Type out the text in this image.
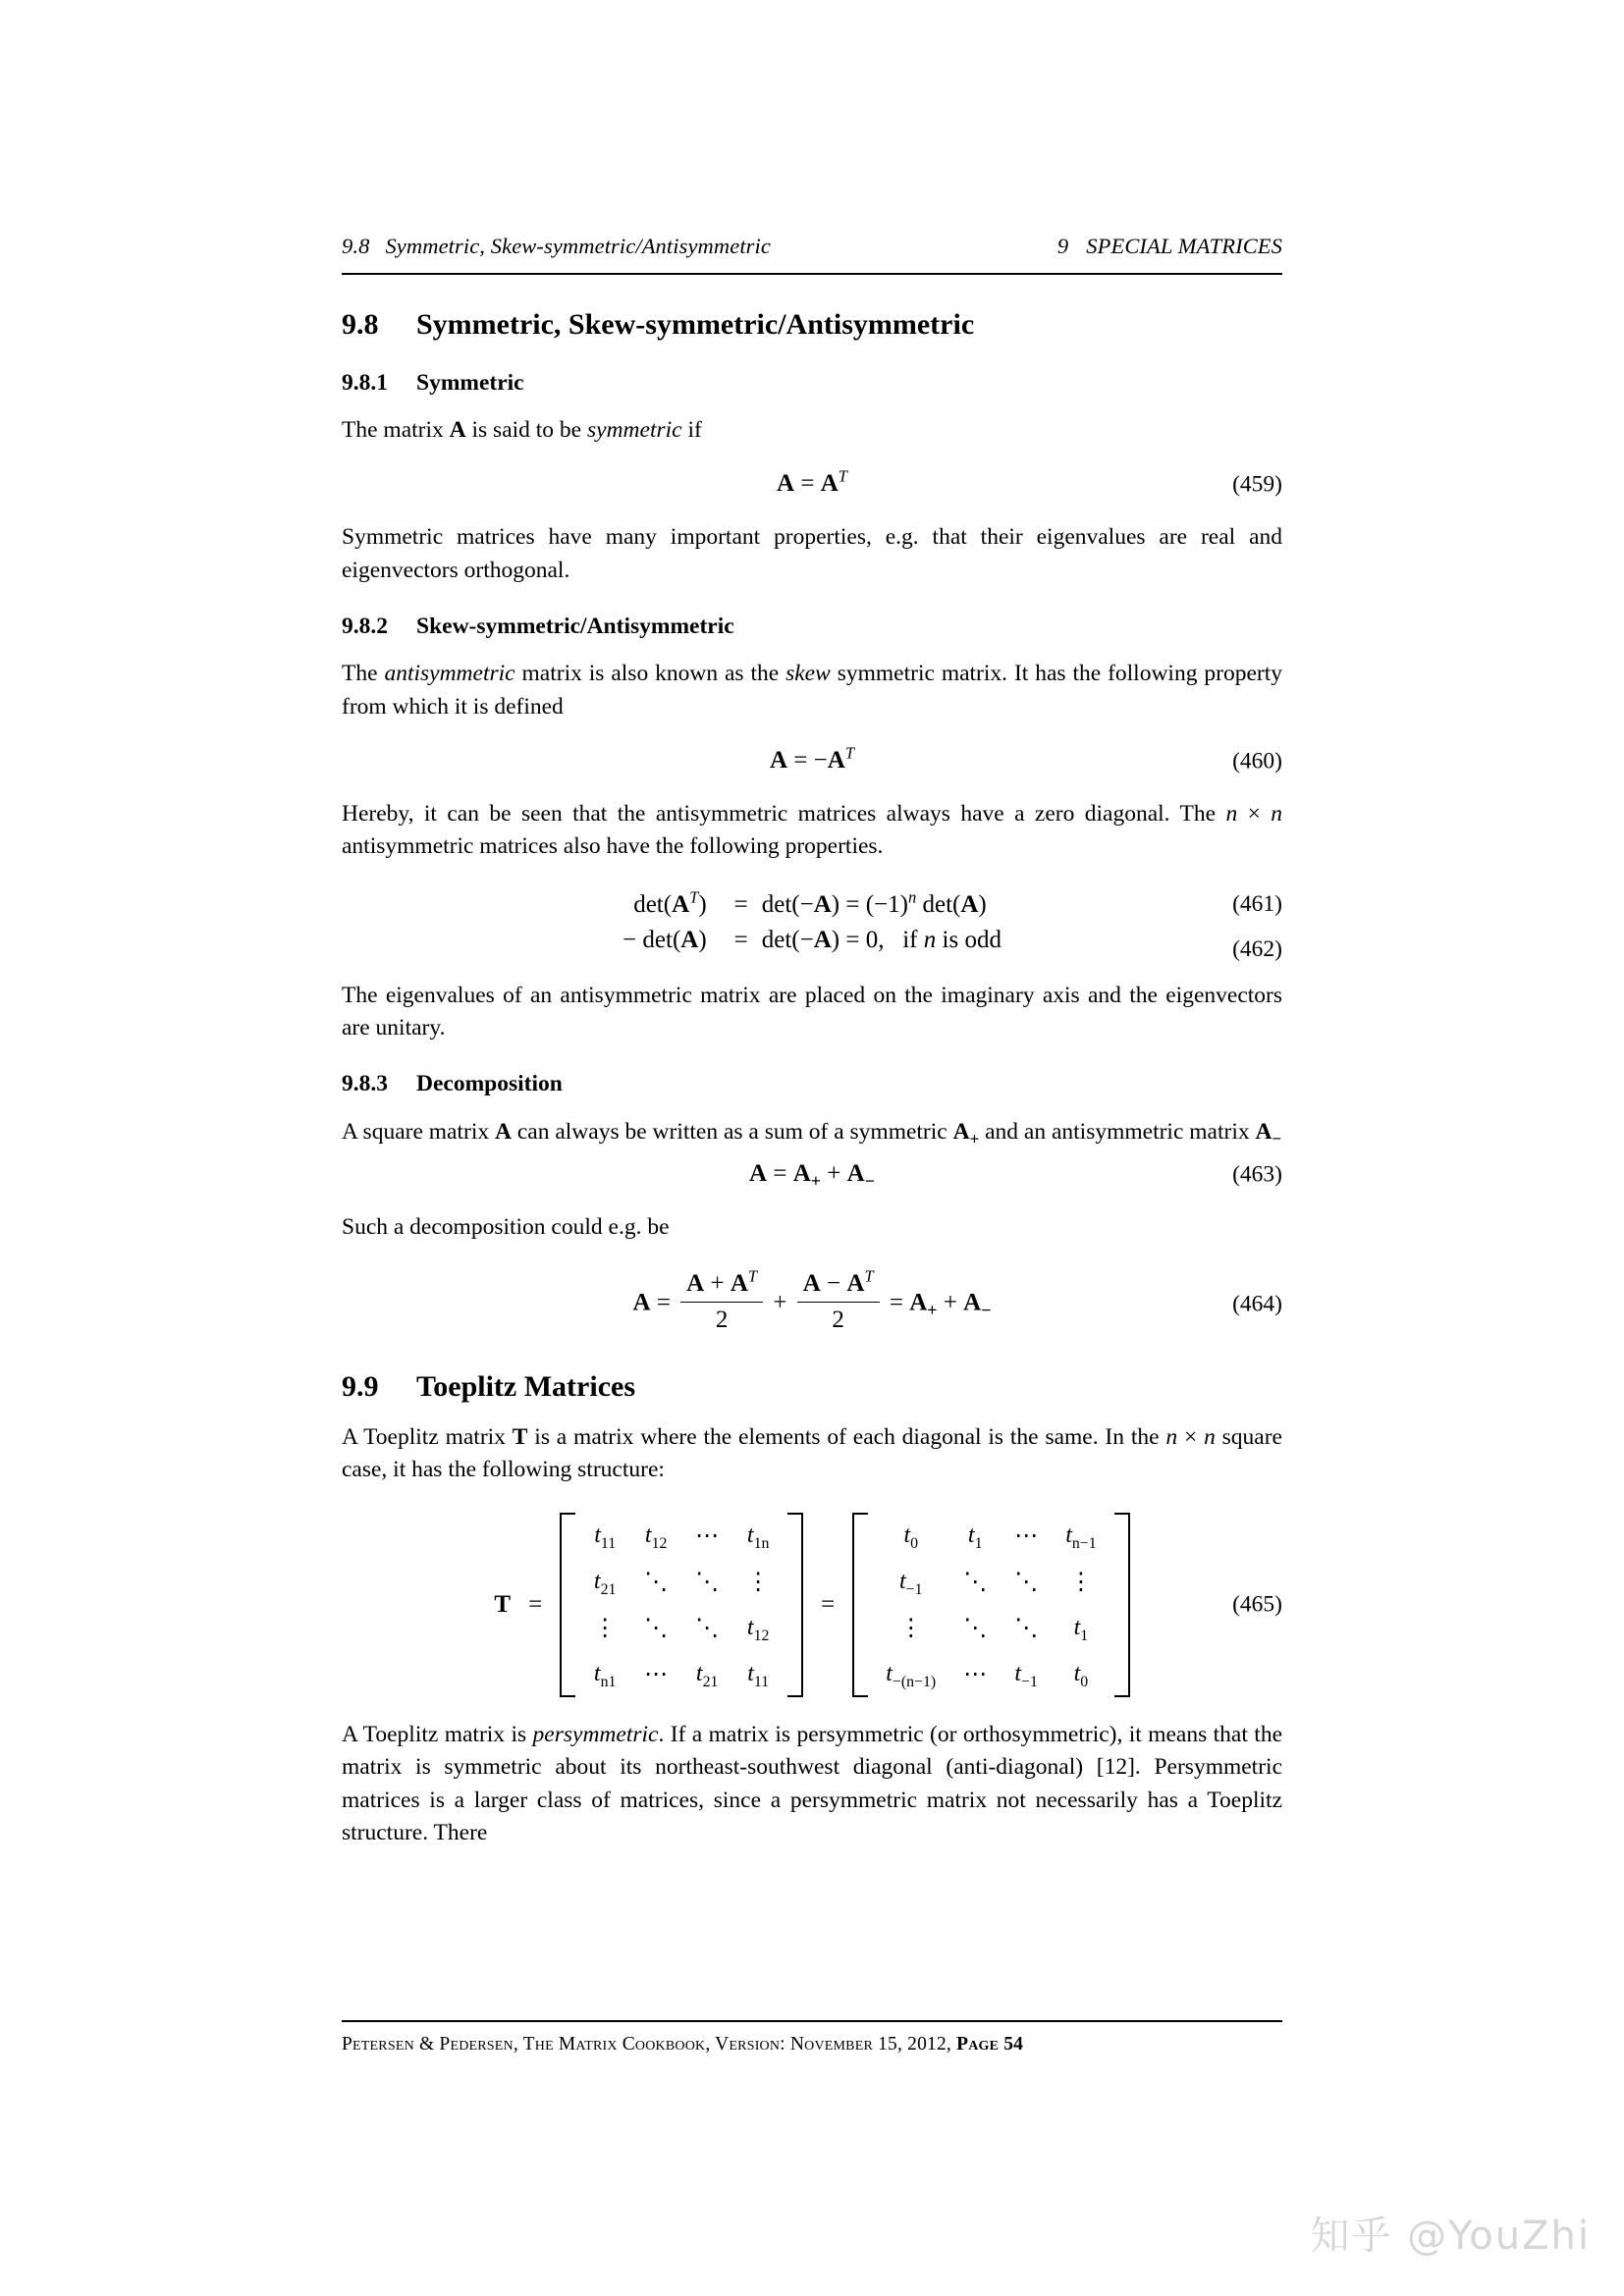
9.8 Symmetric, Skew-symmetric/Antisymmetric	9 SPECIAL MATRICES
9.8 Symmetric, Skew-symmetric/Antisymmetric
9.8.1 Symmetric

The matrix A is said to be symmetric if

$A = A^T$	(459)

Symmetric matrices have many important properties, e.g. that their eigenvalues are real and eigenvectors orthogonal.

9.8.2 Skew-symmetric/Antisymmetric

The antisymmetric matrix is also known as the skew symmetric matrix. It has the following property from which it is defined

$A = -A^T$	(460)

Hereby, it can be seen that the antisymmetric matrices always have a zero diagonal. The n × n antisymmetric matrices also have the following properties.

$\det(A^T)$	=	$\det(-A) = (-1)^n$ det(A)
− det(A)	=	det(−A) = 0, if n is odd
(461)
(462)

The eigenvalues of an antisymmetric matrix are placed on the imaginary axis and the eigenvectors are unitary.

9.8.3 Decomposition

A square matrix A can always be written as a sum of a symmetric $A_+$ and an antisymmetric matrix $A_-$

$A = A_+ + A_-$	(463)

Such a decomposition could e.g. be

$A = \frac{A + A^T}{2} + \frac{A - A^T}{2} = A_+ + A_-$	(464)
9.9 Toeplitz Matrices

A Toeplitz matrix T is a matrix where the elements of each diagonal is the same. In the n × n square case, it has the following structure:

T =
$t_{11}$	$t_{12}$	⋯	$t_{1n}$
$t_{21}$	⋱	⋱	⋮
⋮	⋱	⋱	$t_{12}$
$t_{n1}$	⋯	$t_{21}$	$t_{11}$
=
$t_0$	$t_1$	⋯	$t_{n-1}$
$t_{-1}$	⋱	⋱	⋮
⋮	⋱	⋱	$t_1$
$t_{-(n-1)}$	⋯	$t_{-1}$	$t_0$
(465)

A Toeplitz matrix is persymmetric. If a matrix is persymmetric (or orthosymmetric), it means that the matrix is symmetric about its northeast-southwest diagonal (anti-diagonal) [12]. Persymmetric matrices is a larger class of matrices, since a persymmetric matrix not necessarily has a Toeplitz structure. There

Petersen & Pedersen, The Matrix Cookbook, Version: November 15, 2012, Page 54
知乎 @YouZhi
